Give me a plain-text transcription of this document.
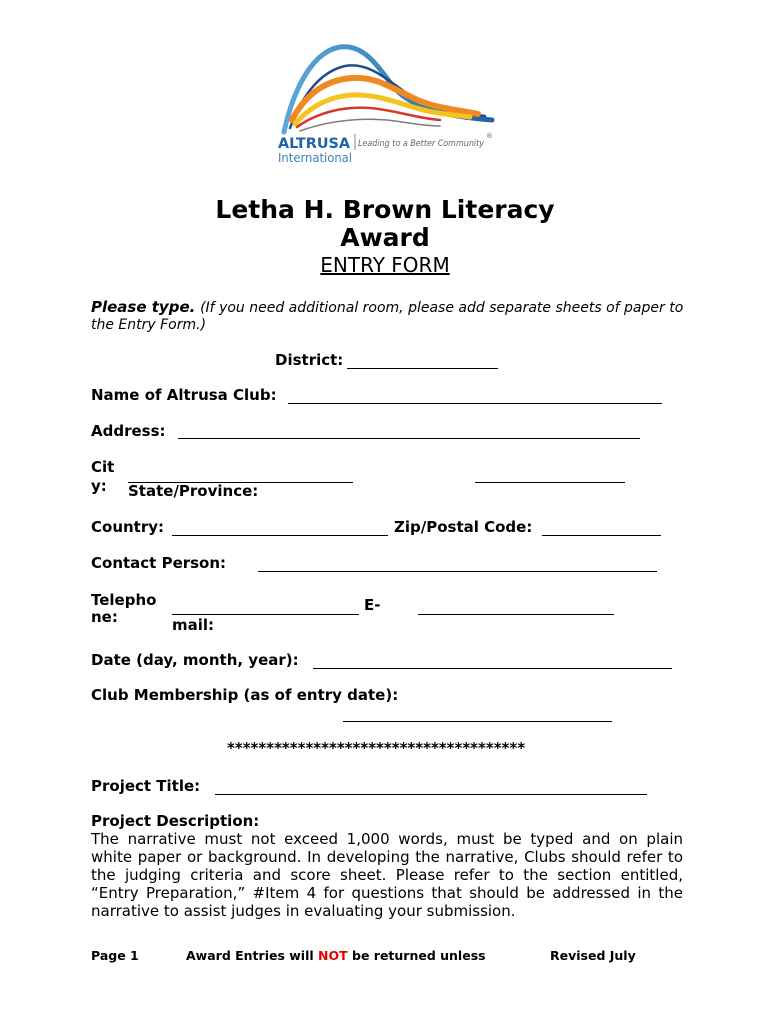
ALTRUSA Leading to a Better Community
®
International
Letha H. Brown Literacy Award
ENTRY FORM
Please type. (If you need additional room, please add separate sheets of paper to
the Entry Form.)
District:
Name of Altrusa Club:
Address:
Cit
y: State/Province:
Country:	Zip/Postal Code:
Contact Person:
Telepho
ne:
E-
mail:
Date (day, month, year):
Club Membership (as of entry date):
**************************************
Project Title:
Project Description:
The narrative must not exceed 1,000 words, must be typed and on plain
white paper or background. In developing the narrative, Clubs should refer to
the judging criteria and score sheet. Please refer to the section entitled,
“Entry Preparation,” #Item 4 for questions that should be addressed in the
narrative to assist judges in evaluating your submission.
Page 1	Award Entries will NOT be returned unless	Revised July
